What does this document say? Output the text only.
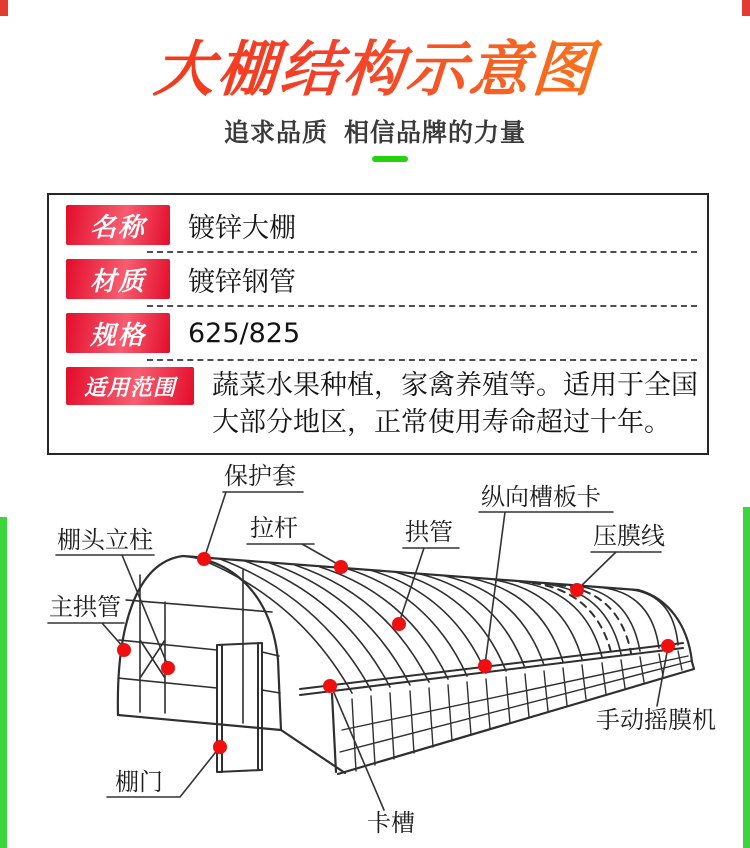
大棚结构示意图
追求品质 相信品牌的力量
名称	镀锌大棚
材质	镀锌钢管
规格	625/825
适用范围	蔬菜水果种植，家禽养殖等。适用于全国大部分地区，正常使用寿命超过十年。
保护套
纵向槽板卡
拉杆	拱管	压膜线
棚头立柱
主拱管
手动摇膜机
棚门
卡槽
